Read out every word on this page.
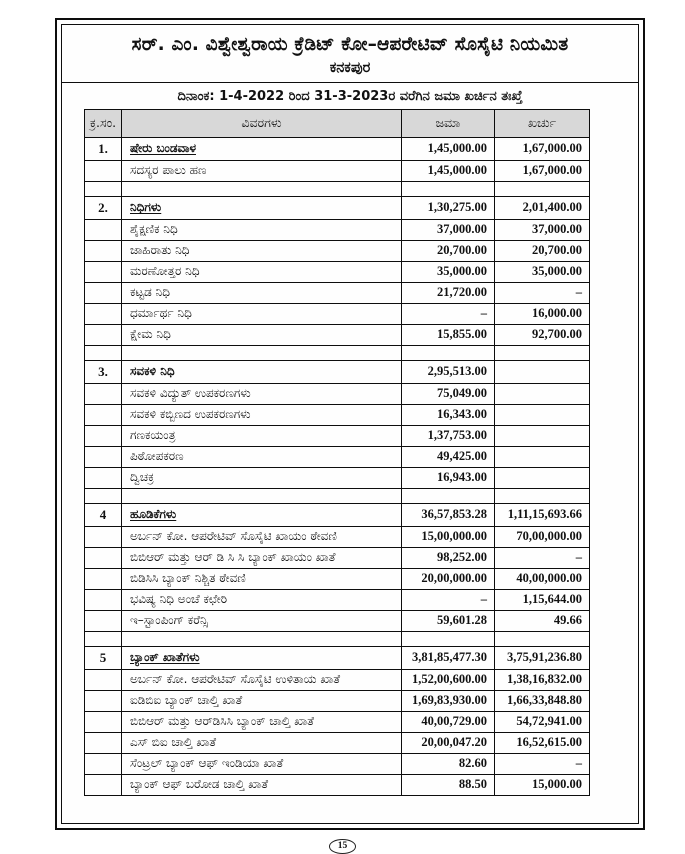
ಸರ್. ಎಂ. ವಿಶ್ವೇಶ್ವರಾಯ ಕ್ರೆಡಿಟ್ ಕೋ–ಆಪರೇಟಿವ್ ಸೊಸೈಟಿ ನಿಯಮಿತ
ಕನಕಪುರ
ದಿನಾಂಕ: 1-4-2022 ರಿಂದ 31-3-2023ರ ವರೆಗಿನ ಜಮಾ ಖರ್ಚಿನ ತಃಖ್ತೆ
ಕ್ರ.ಸಂ.	ವಿವರಗಳು	ಜಮಾ	ಖರ್ಚು
1.	ಷೇರು ಬಂಡವಾಳ	1,45,000.00	1,67,000.00
	ಸದಸ್ಯರ ಪಾಲು ಹಣ	1,45,000.00	1,67,000.00

2.	ನಿಧಿಗಳು	1,30,275.00	2,01,400.00
	ಶೈಕ್ಷಣಿಕ ನಿಧಿ	37,000.00	37,000.00
	ಜಾಹಿರಾತು ನಿಧಿ	20,700.00	20,700.00
	ಮರಣೋತ್ತರ ನಿಧಿ	35,000.00	35,000.00
	ಕಟ್ಟಡ ನಿಧಿ	21,720.00	–
	ಧರ್ಮಾರ್ಥ ನಿಧಿ	–	16,000.00
	ಕ್ಷೇಮ ನಿಧಿ	15,855.00	92,700.00

3.	ಸವಕಳಿ ನಿಧಿ	2,95,513.00	
	ಸವಕಳಿ ವಿದ್ಯುತ್ ಉಪಕರಣಗಳು	75,049.00	
	ಸವಕಳಿ ಕಬ್ಬಿಣದ ಉಪಕರಣಗಳು	16,343.00	
	ಗಣಕಯಂತ್ರ	1,37,753.00	
	ಪಿಠೋಪಕರಣ	49,425.00	
	ದ್ವಿಚಕ್ರ	16,943.00	

4	ಹೂಡಿಕೆಗಳು	36,57,853.28	1,11,15,693.66
	ಅರ್ಬನ್ ಕೋ. ಆಪರೇಟಿವ್ ಸೊಸೈಟಿ ಖಾಯಂ ಠೇವಣಿ	15,00,000.00	70,00,000.00
	ಬಿಬಿಆರ್ ಮತ್ತು ಆರ್ ಡಿ ಸಿ ಸಿ ಬ್ಯಾಂಕ್ ಖಾಯಂ ಖಾತೆ	98,252.00	–
	ಬಿಡಿಸಿಸಿ ಬ್ಯಾಂಕ್ ನಿಶ್ಚಿತ ಠೇವಣಿ	20,00,000.00	40,00,000.00
	ಭವಿಷ್ಯ ನಿಧಿ ಅಂಚೆ ಕಛೇರಿ	–	1,15,644.00
	ಇ–ಸ್ಟಾಂಪಿಂಗ್ ಕರೆನ್ಸಿ	59,601.28	49.66

5	ಬ್ಯಾಂಕ್ ಖಾತೆಗಳು	3,81,85,477.30	3,75,91,236.80
	ಅರ್ಬನ್ ಕೋ. ಆಪರೇಟಿವ್ ಸೊಸೈಟಿ ಉಳಿತಾಯ ಖಾತೆ	1,52,00,600.00	1,38,16,832.00
	ಐಡಿಬಿಐ ಬ್ಯಾಂಕ್ ಚಾಲ್ತಿ ಖಾತೆ	1,69,83,930.00	1,66,33,848.80
	ಬಿಬಿಆರ್ ಮತ್ತು ಆರ್‌ಡಿಸಿಸಿ ಬ್ಯಾಂಕ್ ಚಾಲ್ತಿ ಖಾತೆ	40,00,729.00	54,72,941.00
	ಎಸ್ ಬಿಐ ಚಾಲ್ತಿ ಖಾತೆ	20,00,047.20	16,52,615.00
	ಸೆಂಟ್ರಲ್ ಬ್ಯಾಂಕ್ ಆಫ್ ಇಂಡಿಯಾ ಖಾತೆ	82.60	–
	ಬ್ಯಾಂಕ್ ಆಫ್ ಬರೋಡ ಚಾಲ್ತಿ ಖಾತೆ	88.50	15,000.00
15
